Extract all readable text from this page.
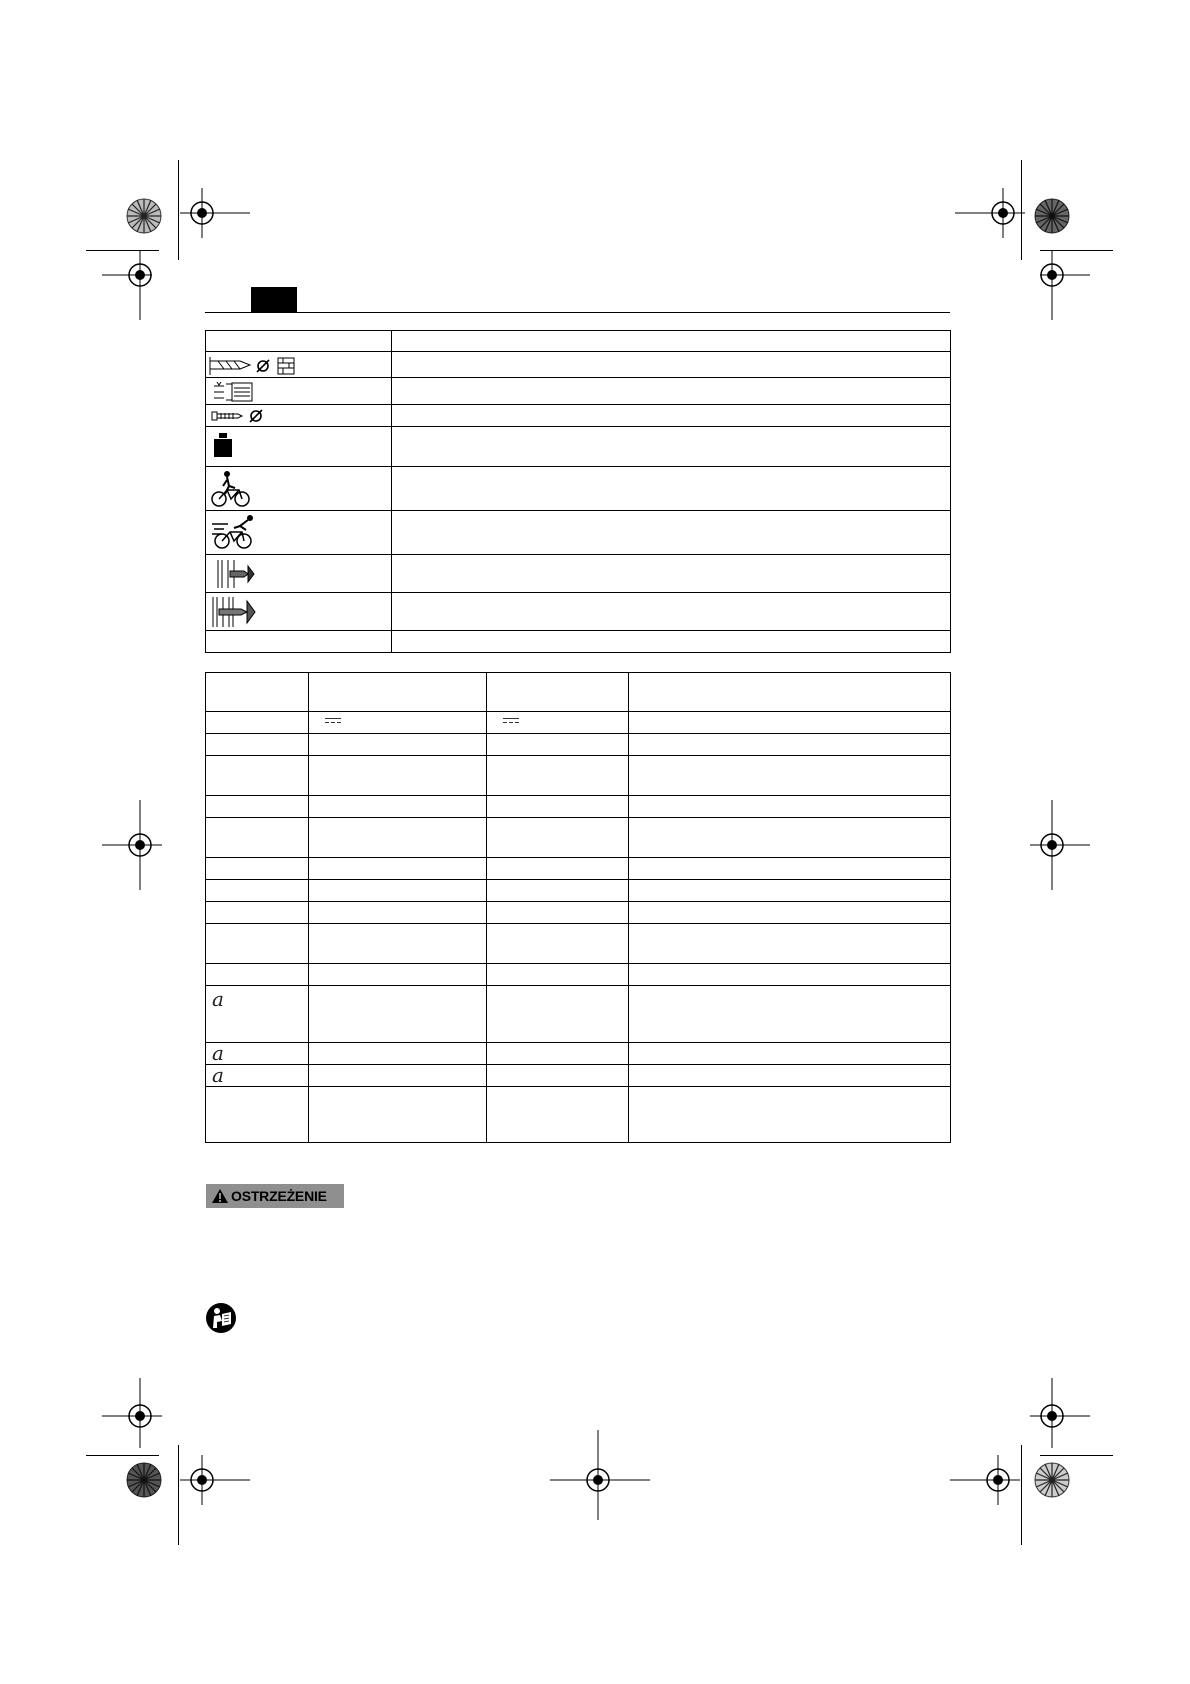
a			

a			
a			

OSTRZEŻENIE
